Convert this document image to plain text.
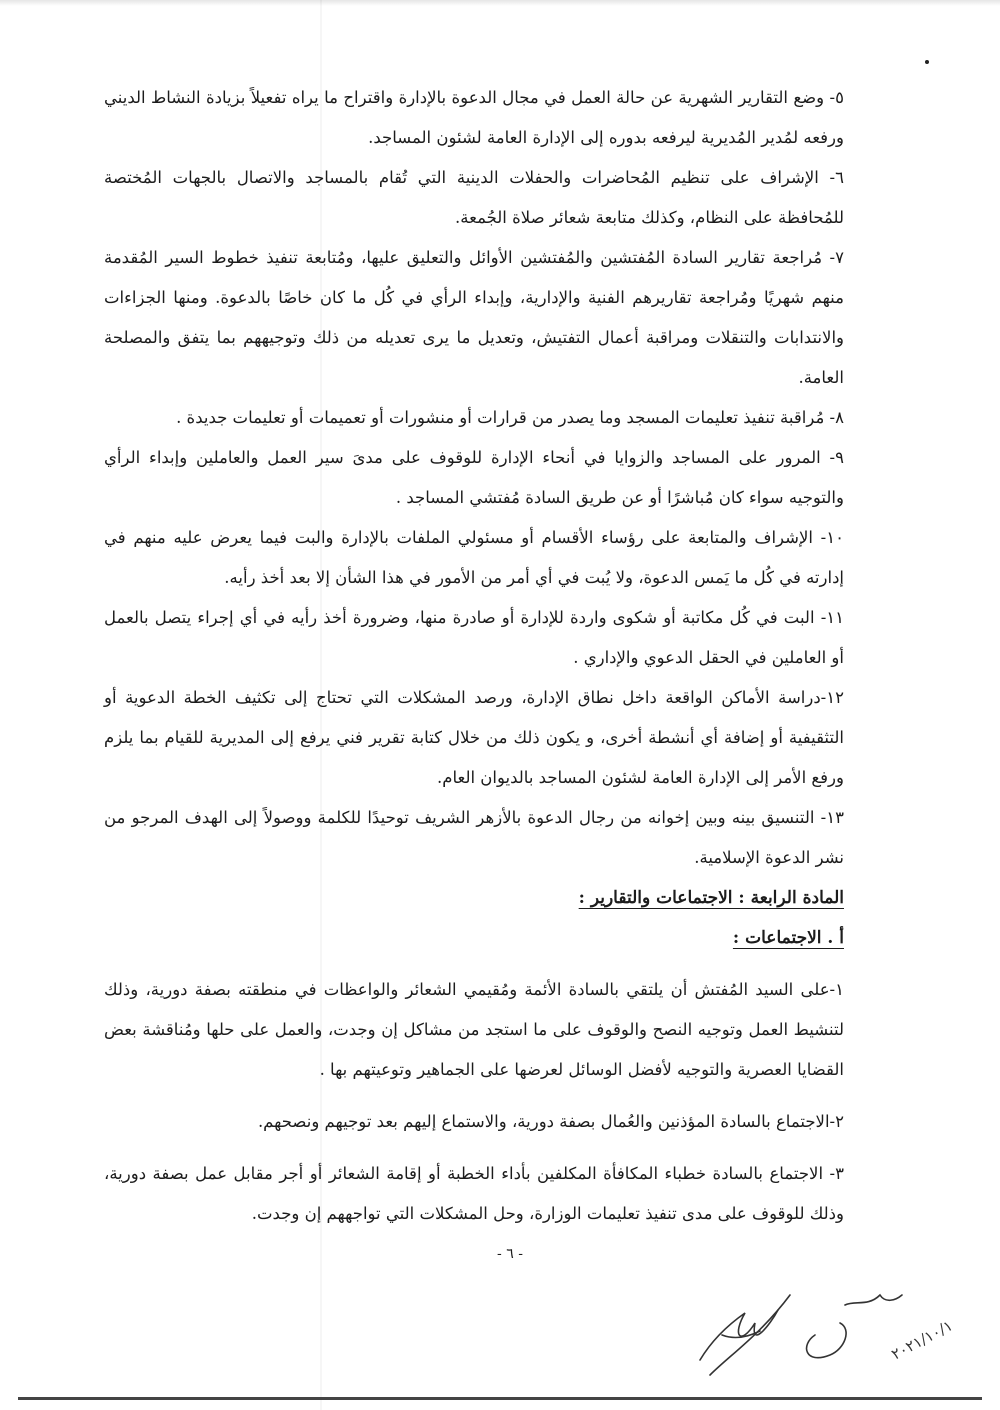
٥- وضع التقارير الشهرية عن حالة العمل في مجال الدعوة بالإدارة واقتراح ما يراه تفعيلاً بزيادة النشاط الديني ورفعه لمُدير المُديرية ليرفعه بدوره إلى الإدارة العامة لشئون المساجد.

٦- الإشراف على تنظيم المُحاضرات والحفلات الدينية التي تُقام بالمساجد والاتصال بالجهات المُختصة للمُحافظة على النظام، وكذلك متابعة شعائر صلاة الجُمعة.

٧- مُراجعة تقارير السادة المُفتشين والمُفتشين الأوائل والتعليق عليها، ومُتابعة تنفيذ خطوط السير المُقدمة منهم شهريًا ومُراجعة تقاريرهم الفنية والإدارية، وإبداء الرأي في كُل ما كان خاصًا بالدعوة. ومنها الجزاءات والانتدابات والتنقلات ومراقبة أعمال التفتيش، وتعديل ما يرى تعديله من ذلك وتوجيههم بما يتفق والمصلحة العامة.

٨- مُراقبة تنفيذ تعليمات المسجد وما يصدر من قرارات أو منشورات أو تعميمات أو تعليمات جديدة .

٩- المرور على المساجد والزوايا في أنحاء الإدارة للوقوف على مدىَ سير العمل والعاملين وإبداء الرأي والتوجيه سواء كان مُباشرًا أو عن طريق السادة مُفتشي المساجد .

١٠- الإشراف والمتابعة على رؤساء الأقسام أو مسئولي الملفات بالإدارة والبت فيما يعرض عليه منهم في إدارته في كُل ما يَمس الدعوة، ولا يُبت في أي أمر من الأمور في هذا الشأن إلا بعد أخذ رأيه.

١١- البت في كُل مكاتبة أو شكوى واردة للإدارة أو صادرة منها، وضرورة أخذ رأيه في أي إجراء يتصل بالعمل أو العاملين في الحقل الدعوي والإداري .

١٢-دراسة الأماكن الواقعة داخل نطاق الإدارة، ورصد المشكلات التي تحتاج إلى تكثيف الخطة الدعوية أو التثقيفية أو إضافة أي أنشطة أخرى، و يكون ذلك من خلال كتابة تقرير فني يرفع إلى المديرية للقيام بما يلزم ورفع الأمر إلى الإدارة العامة لشئون المساجد بالديوان العام.

١٣- التنسيق بينه وبين إخوانه من رجال الدعوة بالأزهر الشريف توحيدًا للكلمة ووصولاً إلى الهدف المرجو من نشر الدعوة الإسلامية.

المادة الرابعة : الاجتماعات والتقارير :

أ . الاجتماعات :

١-على السيد المُفتش أن يلتقي بالسادة الأئمة ومُقيمي الشعائر والواعظات في منطقته بصفة دورية، وذلك لتنشيط العمل وتوجيه النصح والوقوف على ما استجد من مشاكل إن وجدت، والعمل على حلها ومُناقشة بعض القضايا العصرية والتوجيه لأفضل الوسائل لعرضها على الجماهير وتوعيتهم بها .

٢-الاجتماع بالسادة المؤذنين والعُمال بصفة دورية، والاستماع إليهم بعد توجيهم ونصحهم.

٣- الاجتماع بالسادة خطباء المكافأة المكلفين بأداء الخطبة أو إقامة الشعائر أو أجر مقابل عمل بصفة دورية، وذلك للوقوف على مدى تنفيذ تعليمات الوزارة، وحل المشكلات التي تواجههم إن وجدت.

- ٦ -
٢٠٢١/١٠/١
